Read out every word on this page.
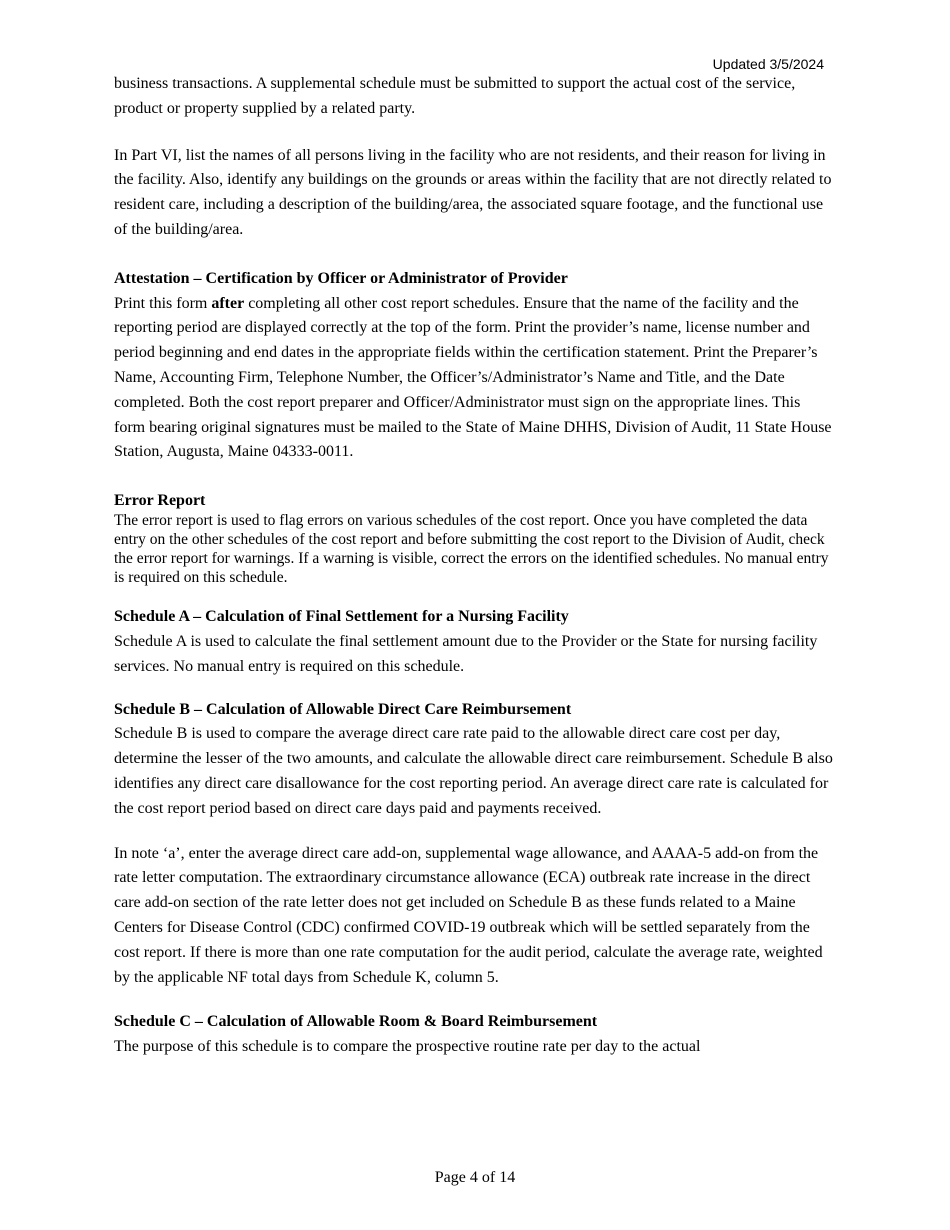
Updated 3/5/2024

business transactions. A supplemental schedule must be submitted to support the actual cost of the service, product or property supplied by a related party.

In Part VI, list the names of all persons living in the facility who are not residents, and their reason for living in the facility. Also, identify any buildings on the grounds or areas within the facility that are not directly related to resident care, including a description of the building/area, the associated square footage, and the functional use of the building/area.

Attestation – Certification by Officer or Administrator of Provider

Print this form after completing all other cost report schedules. Ensure that the name of the facility and the reporting period are displayed correctly at the top of the form. Print the provider’s name, license number and period beginning and end dates in the appropriate fields within the certification statement. Print the Preparer’s Name, Accounting Firm, Telephone Number, the Officer’s/Administrator’s Name and Title, and the Date completed. Both the cost report preparer and Officer/Administrator must sign on the appropriate lines. This form bearing original signatures must be mailed to the State of Maine DHHS, Division of Audit, 11 State House Station, Augusta, Maine 04333-0011.

Error Report

The error report is used to flag errors on various schedules of the cost report. Once you have completed the data entry on the other schedules of the cost report and before submitting the cost report to the Division of Audit, check the error report for warnings. If a warning is visible, correct the errors on the identified schedules. No manual entry is required on this schedule.

Schedule A – Calculation of Final Settlement for a Nursing Facility

Schedule A is used to calculate the final settlement amount due to the Provider or the State for nursing facility services. No manual entry is required on this schedule.

Schedule B – Calculation of Allowable Direct Care Reimbursement

Schedule B is used to compare the average direct care rate paid to the allowable direct care cost per day, determine the lesser of the two amounts, and calculate the allowable direct care reimbursement. Schedule B also identifies any direct care disallowance for the cost reporting period. An average direct care rate is calculated for the cost report period based on direct care days paid and payments received.

In note ‘a’, enter the average direct care add-on, supplemental wage allowance, and AAAA-5 add-on from the rate letter computation. The extraordinary circumstance allowance (ECA) outbreak rate increase in the direct care add-on section of the rate letter does not get included on Schedule B as these funds related to a Maine Centers for Disease Control (CDC) confirmed COVID-19 outbreak which will be settled separately from the cost report. If there is more than one rate computation for the audit period, calculate the average rate, weighted by the applicable NF total days from Schedule K, column 5.

Schedule C – Calculation of Allowable Room & Board Reimbursement

The purpose of this schedule is to compare the prospective routine rate per day to the actual

Page 4 of 14
